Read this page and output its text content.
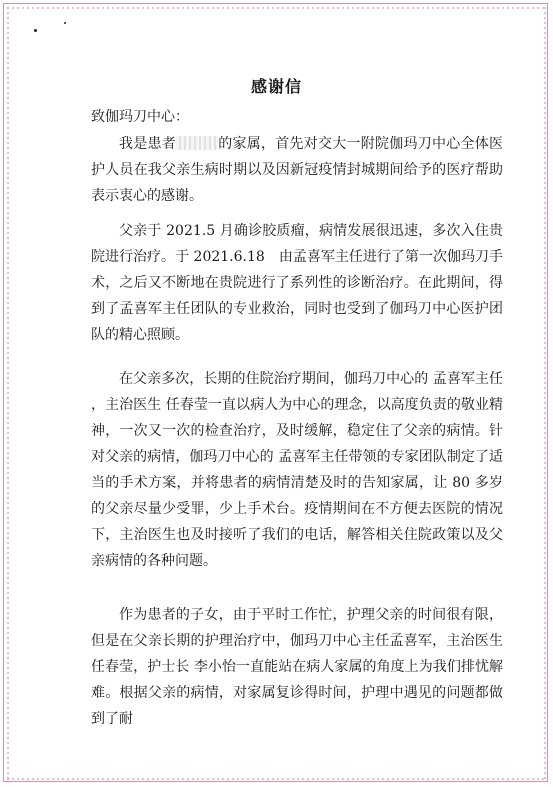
感谢信
致伽玛刀中心：

我是患者	的家属，首先对交大一附院伽玛刀中心全体医护人员在我父亲生病时期以及因新冠疫情封城期间给予的医疗帮助表示衷心的感谢。

父亲于 2021.5 月确诊胶质瘤，病情发展很迅速，多次入住贵院进行治疗。于 2021.6.18　由孟喜军主任进行了第一次伽玛刀手术，之后又不断地在贵院进行了系列性的诊断治疗。在此期间，得到了孟喜军主任团队的专业救治，同时也受到了伽玛刀中心医护团队的精心照顾。

在父亲多次，长期的住院治疗期间，伽玛刀中心的 孟喜军主任 ，主治医生 任春莹一直以病人为中心的理念，以高度负责的敬业精神，一次又一次的检查治疗，及时缓解，稳定住了父亲的病情。针对父亲的病情，伽玛刀中心的 孟喜军主任带领的专家团队制定了适当的手术方案，并将患者的病情清楚及时的告知家属，让 80 多岁的父亲尽量少受罪，少上手术台。疫情期间在不方便去医院的情况下，主治医生也及时接听了我们的电话，解答相关住院政策以及父亲病情的各种问题。

作为患者的子女，由于平时工作忙，护理父亲的时间很有限，但是在父亲长期的护理治疗中，伽玛刀中心主任孟喜军，主治医生 任春莹，护士长 李小怡一直能站在病人家属的角度上为我们排忧解难。根据父亲的病情，对家属复诊得时间，护理中遇见的问题都做到了耐
